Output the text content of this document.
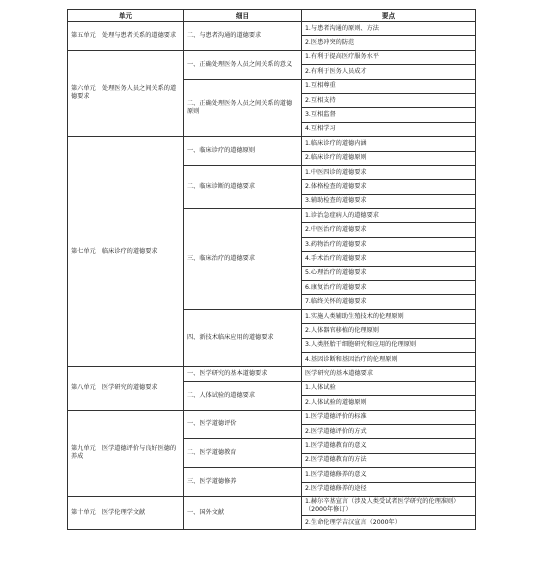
单元	细目	要点
第五单元　处理与患者关系的道德要求	二、与患者沟通的道德要求	1.与患者沟通的原则、方法
		2.医患冲突的防范
第六单元　处理医务人员之间关系的道德要求	一、正确处理医务人员之间关系的意义	1.有利于提高医疗服务水平
		2.有利于医务人员成才
	二、正确处理医务人员之间关系的道德原则	1.互相尊重
		2.互相支持
		3.互相监督
		4.互相学习
第七单元　临床诊疗的道德要求	一、临床诊疗的道德原则	1.临床诊疗的道德内涵
		2.临床诊疗的道德原则
	二、临床诊断的道德要求	1.中医四诊的道德要求
		2.体格检查的道德要求
		3.辅助检查的道德要求
	三、临床治疗的道德要求	1.诊治急症病人的道德要求
		2.中医治疗的道德要求
		3.药物治疗的道德要求
		4.手术治疗的道德要求
		5.心理治疗的道德要求
		6.康复治疗的道德要求
		7.临终关怀的道德要求
	四、新技术临床应用的道德要求	1.实施人类辅助生殖技术的伦理原则
		2.人体器官移植的伦理原则
		3.人类胚胎干细胞研究和应用的伦理原则
		4.基因诊断和基因治疗的伦理原则
第八单元　医学研究的道德要求	一、医学研究的基本道德要求	医学研究的基本道德要求
	二、人体试验的道德要求	1.人体试验
		2.人体试验的道德原则
第九单元　医学道德评价与良好医德的养成	一、医学道德评价	1.医学道德评价的标准
		2.医学道德评价的方式
	二、医学道德教育	1.医学道德教育的意义
		2.医学道德教育的方法
	三、医学道德修养	1.医学道德修养的意义
		2.医学道德修养的途径
第十单元　医学伦理学文献	一、国外文献	1.赫尔辛基宣言（涉及人类受试者医学研究的伦理准则）（2000年修订）
		2.生命伦理学吉汉宣言（2000年）
